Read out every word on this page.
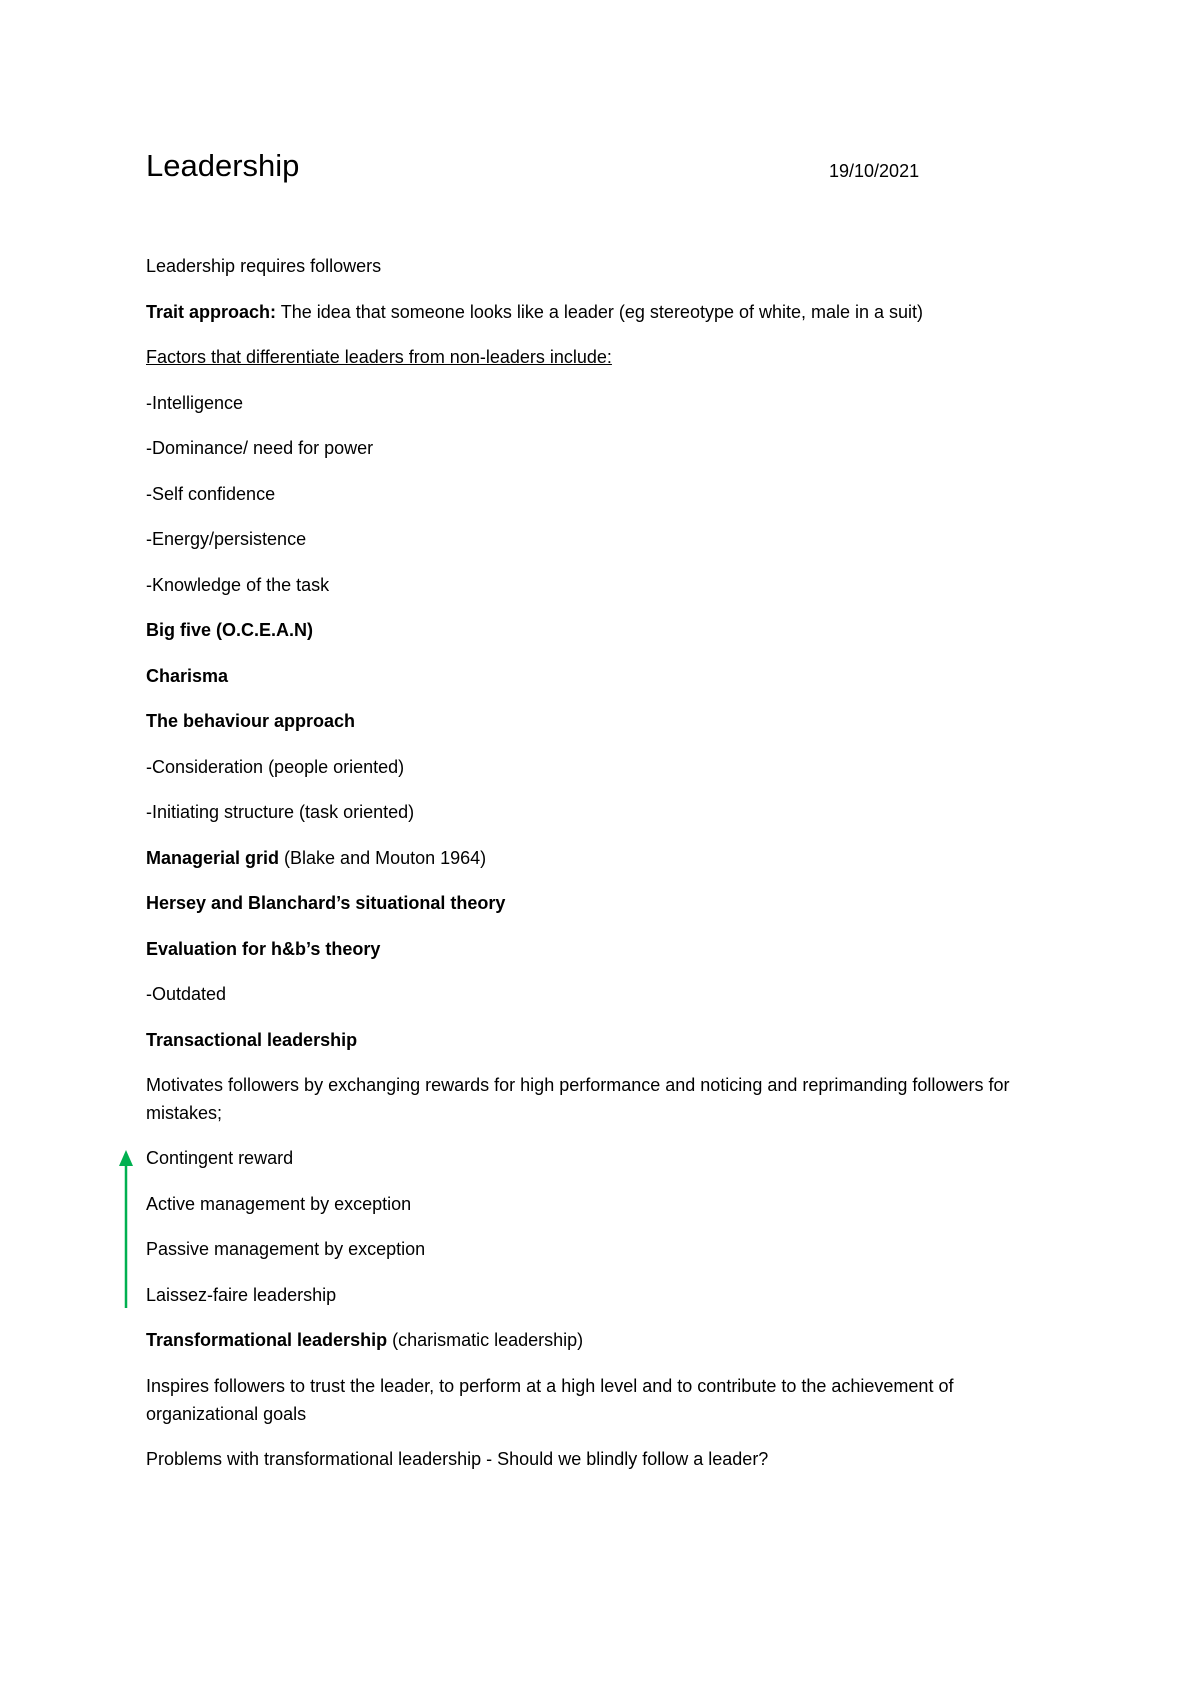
Leadership	19/10/2021
Leadership requires followers
Trait approach: The idea that someone looks like a leader (eg stereotype of white, male in a suit)
Factors that differentiate leaders from non-leaders include:
-Intelligence
-Dominance/ need for power
-Self confidence
-Energy/persistence
-Knowledge of the task
Big five (O.C.E.A.N)
Charisma
The behaviour approach
-Consideration (people oriented)
-Initiating structure (task oriented)
Managerial grid (Blake and Mouton 1964)
Hersey and Blanchard’s situational theory
Evaluation for h&b’s theory
-Outdated
Transactional leadership
Motivates followers by exchanging rewards for high performance and noticing and reprimanding followers for mistakes;
Contingent reward
Active management by exception
Passive management by exception
Laissez-faire leadership
Transformational leadership (charismatic leadership)
Inspires followers to trust the leader, to perform at a high level and to contribute to the achievement of organizational goals
Problems with transformational leadership - Should we blindly follow a leader?
